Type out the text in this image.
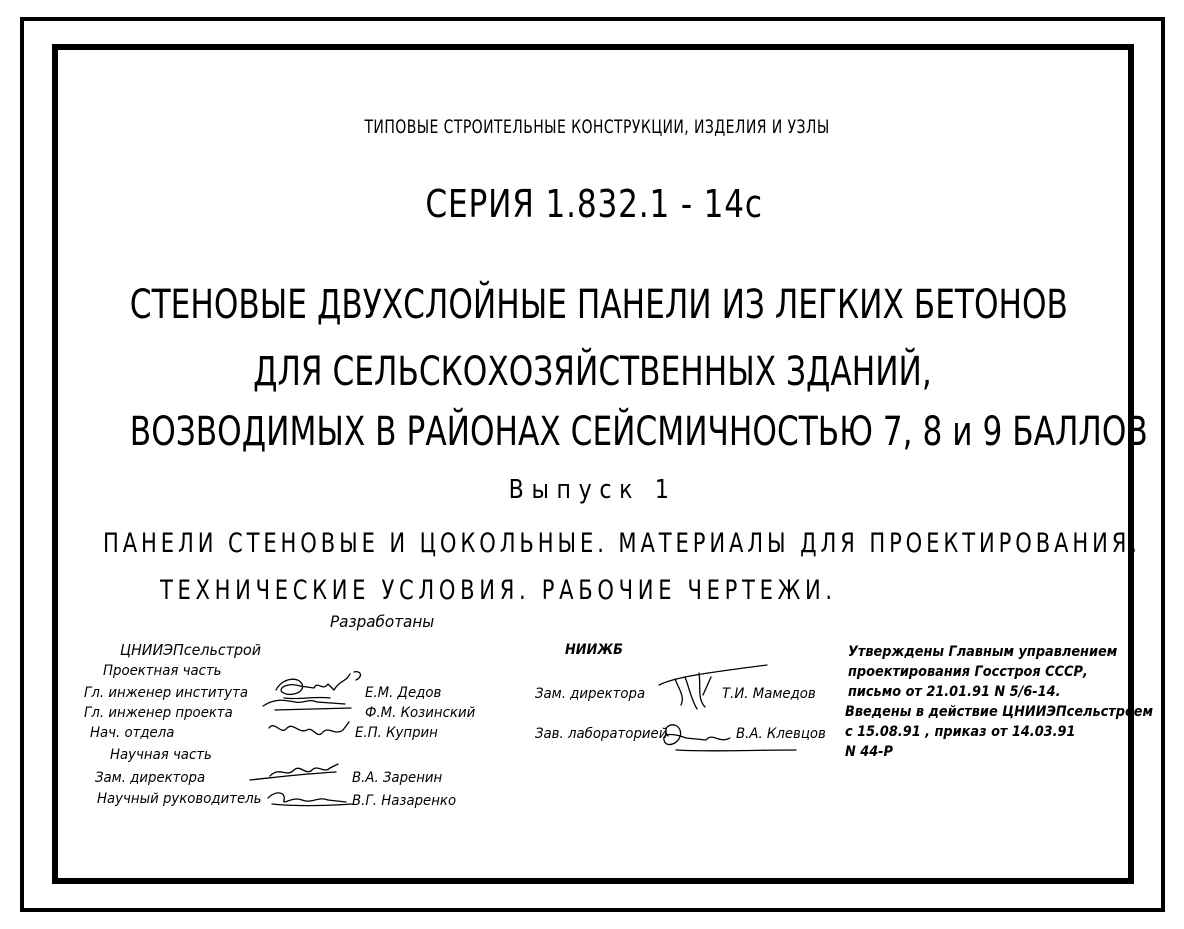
ТИПОВЫЕ СТРОИТЕЛЬНЫЕ КОНСТРУКЦИИ, ИЗДЕЛИЯ И УЗЛЫ
СЕРИЯ 1.832.1 - 14с
СТЕНОВЫЕ ДВУХСЛОЙНЫЕ ПАНЕЛИ ИЗ ЛЕГКИХ БЕТОНОВ
ДЛЯ СЕЛЬСКОХОЗЯЙСТВЕННЫХ ЗДАНИЙ,
ВОЗВОДИМЫХ В РАЙОНАХ СЕЙСМИЧНОСТЬЮ 7, 8 и 9 БАЛЛОВ
Выпуск 1
ПАНЕЛИ СТЕНОВЫЕ И ЦОКОЛЬНЫЕ. МАТЕРИАЛЫ ДЛЯ ПРОЕКТИРОВАНИЯ.
ТЕХНИЧЕСКИЕ УСЛОВИЯ. РАБОЧИЕ ЧЕРТЕЖИ.
Разработаны
ЦНИИЭПсельстрой
Проектная часть
Гл. инженер института	Е.М. Дедов
Гл. инженер проекта	Ф.М. Козинский
Нач. отдела	Е.П. Куприн
Научная часть
Зам. директора	В.А. Заренин
Научный руководитель	В.Г. Назаренко
НИИЖБ
Зам. директора	Т.И. Мамедов
Зав. лабораторией	В.А. Клевцов
Утверждены Главным управлением
проектирования Госстроя СССР,
письмо от 21.01.91 N 5/6-14.
Введены в действие ЦНИИЭПсельстроем
с 15.08.91 , приказ от 14.03.91
N 44-Р
